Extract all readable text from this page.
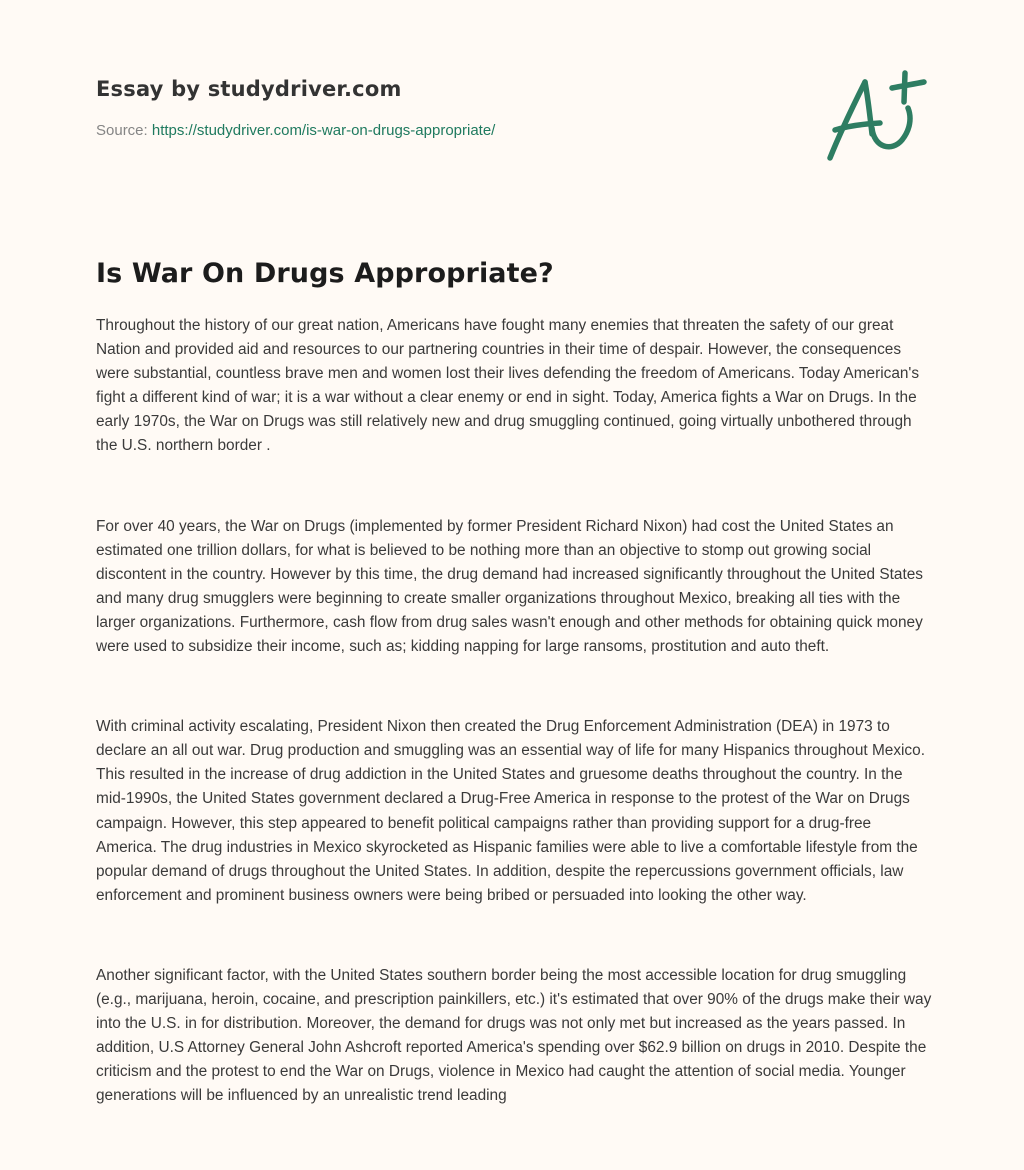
Essay by studydriver.com
Source: https://studydriver.com/is-war-on-drugs-appropriate/
Is War On Drugs Appropriate?

Throughout the history of our great nation, Americans have fought many enemies that threaten the safety of our great Nation and provided aid and resources to our partnering countries in their time of despair. However, the consequences were substantial, countless brave men and women lost their lives defending the freedom of Americans. Today American's fight a different kind of war; it is a war without a clear enemy or end in sight. Today, America fights a War on Drugs. In the early 1970s, the War on Drugs was still relatively new and drug smuggling continued, going virtually unbothered through the U.S. northern border .

For over 40 years, the War on Drugs (implemented by former President Richard Nixon) had cost the United States an estimated one trillion dollars, for what is believed to be nothing more than an objective to stomp out growing social discontent in the country. However by this time, the drug demand had increased significantly throughout the United States and many drug smugglers were beginning to create smaller organizations throughout Mexico, breaking all ties with the larger organizations. Furthermore, cash flow from drug sales wasn't enough and other methods for obtaining quick money were used to subsidize their income, such as; kidding napping for large ransoms, prostitution and auto theft.

With criminal activity escalating, President Nixon then created the Drug Enforcement Administration (DEA) in 1973 to declare an all out war. Drug production and smuggling was an essential way of life for many Hispanics throughout Mexico. This resulted in the increase of drug addiction in the United States and gruesome deaths throughout the country. In the mid-1990s, the United States government declared a Drug-Free America in response to the protest of the War on Drugs campaign. However, this step appeared to benefit political campaigns rather than providing support for a drug-free America. The drug industries in Mexico skyrocketed as Hispanic families were able to live a comfortable lifestyle from the popular demand of drugs throughout the United States. In addition, despite the repercussions government officials, law enforcement and prominent business owners were being bribed or persuaded into looking the other way.

Another significant factor, with the United States southern border being the most accessible location for drug smuggling (e.g., marijuana, heroin, cocaine, and prescription painkillers, etc.) it's estimated that over 90% of the drugs make their way into the U.S. in for distribution. Moreover, the demand for drugs was not only met but increased as the years passed. In addition, U.S Attorney General John Ashcroft reported America's spending over $62.9 billion on drugs in 2010. Despite the criticism and the protest to end the War on Drugs, violence in Mexico had caught the attention of social media. Younger generations will be influenced by an unrealistic trend leading
